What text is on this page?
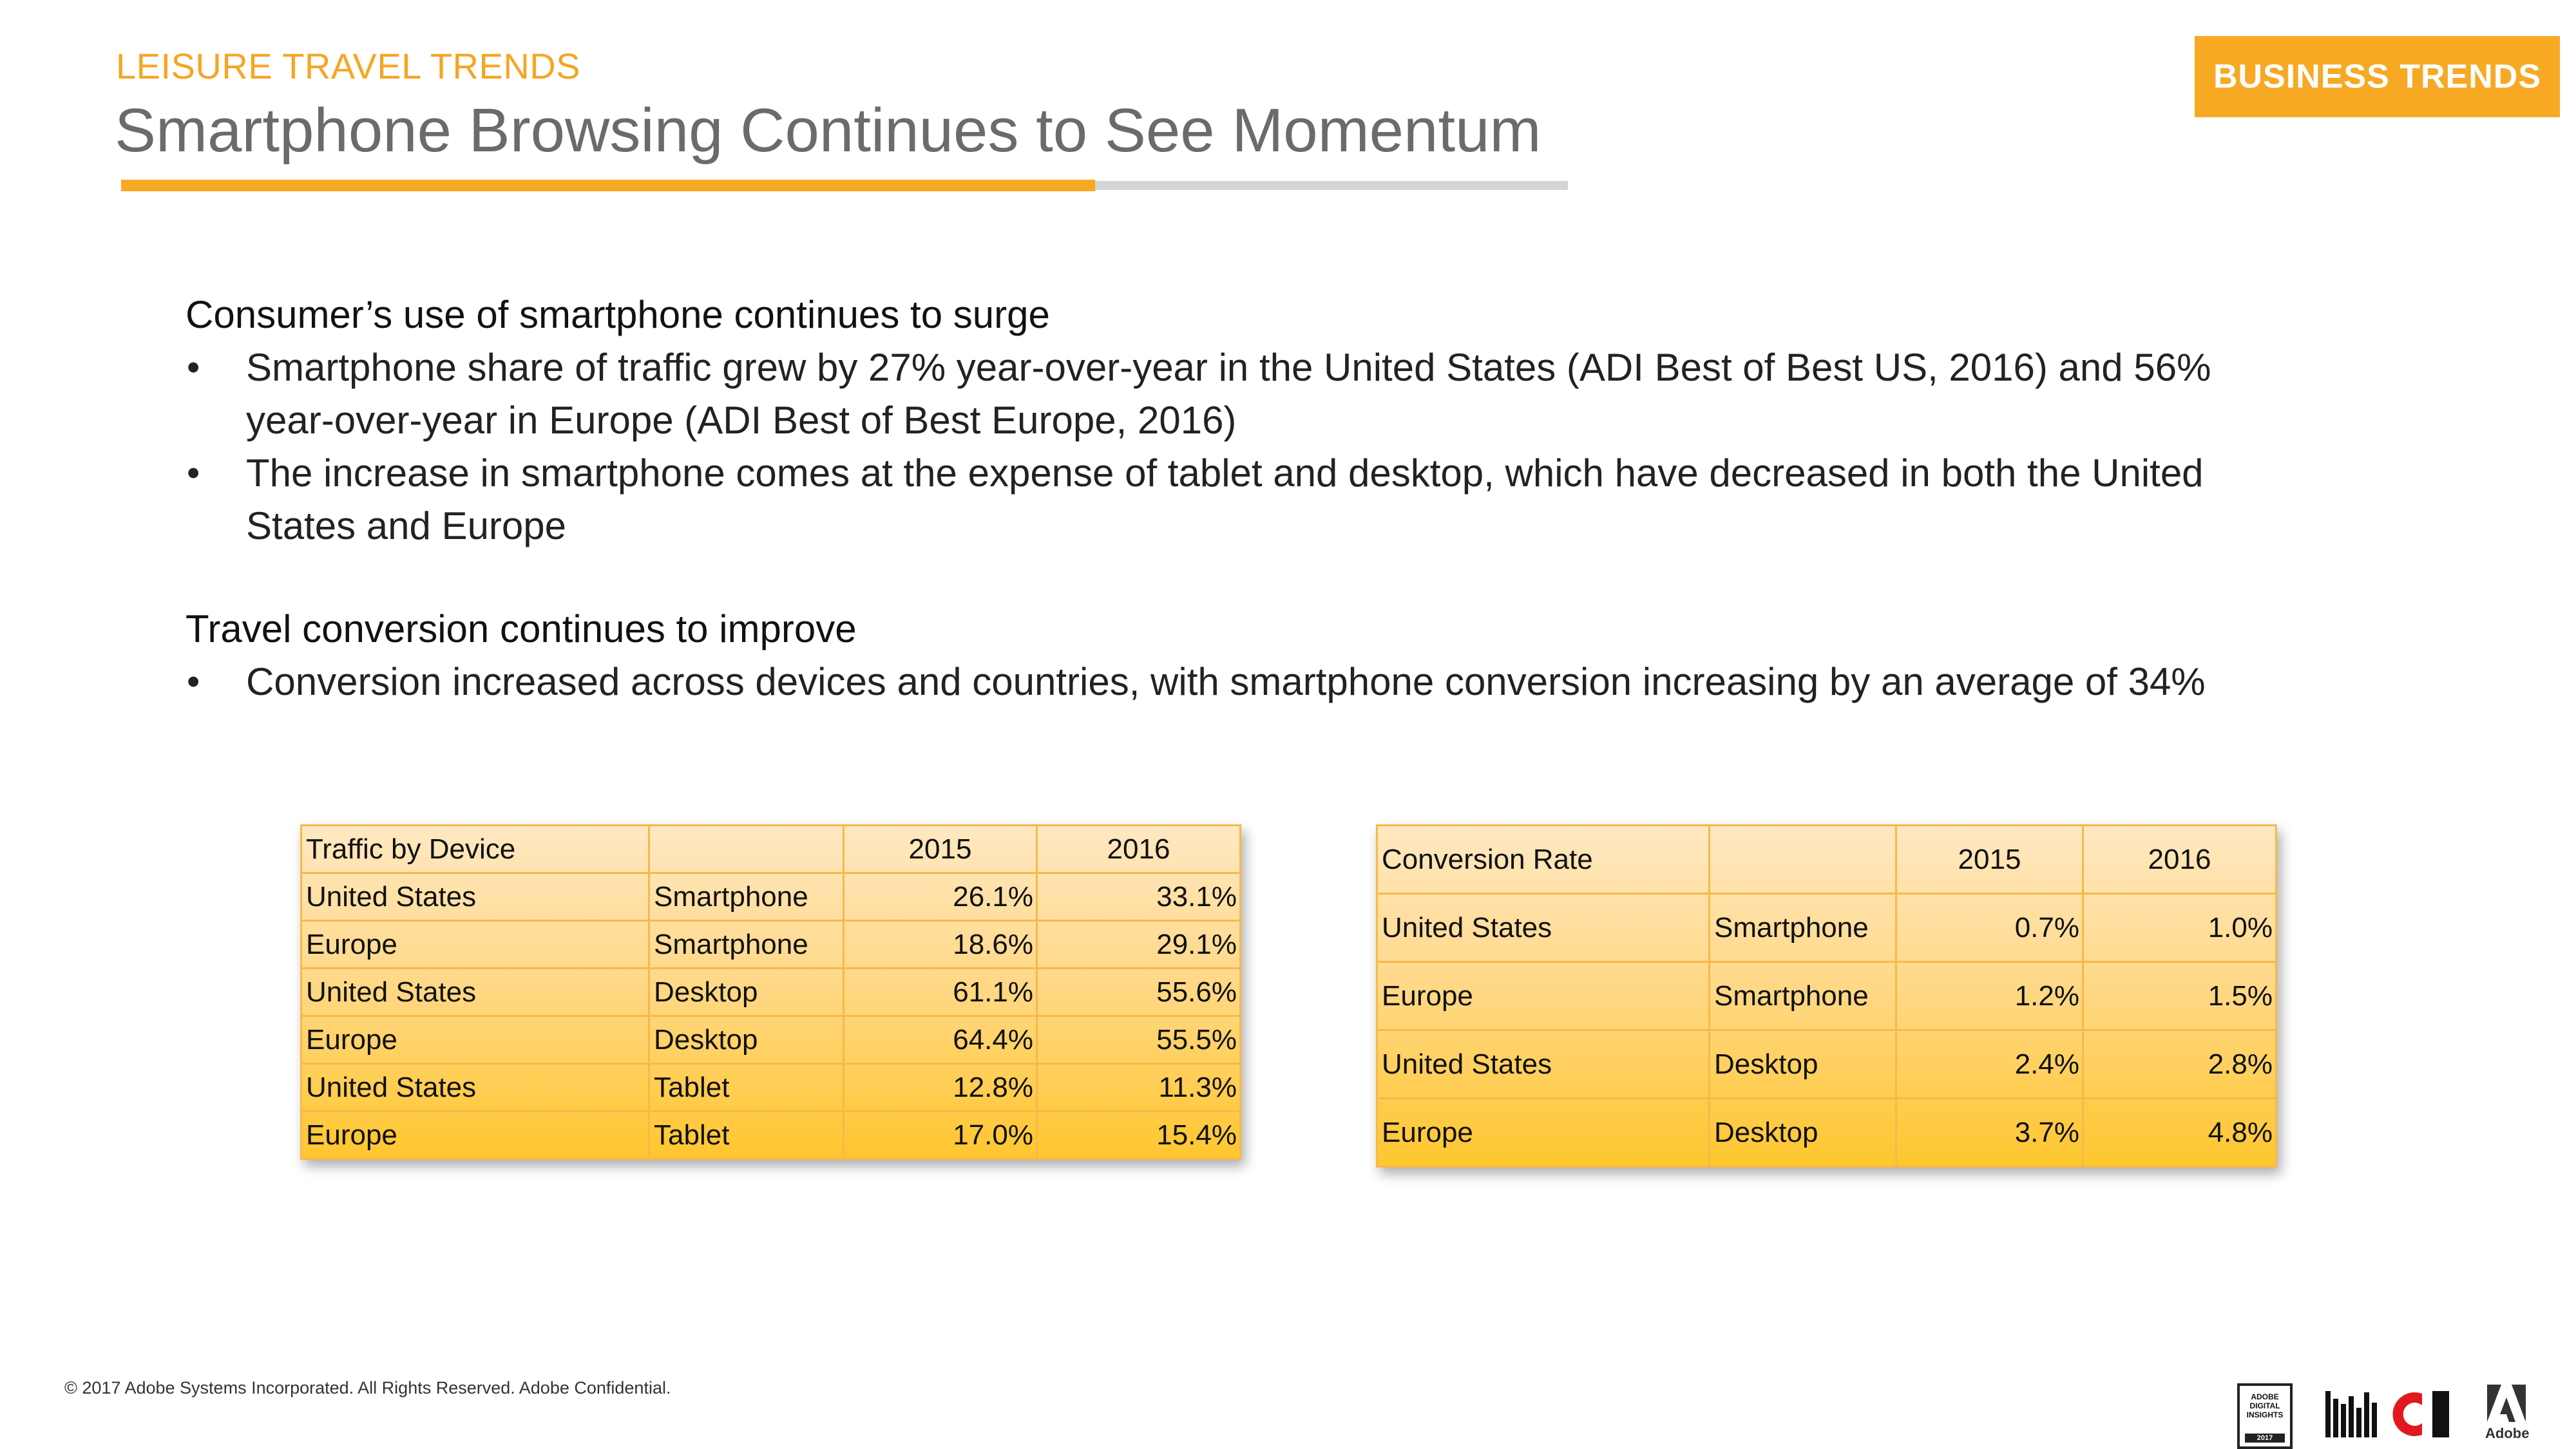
LEISURE TRAVEL TRENDS
Smartphone Browsing Continues to See Momentum
BUSINESS TRENDS
Consumer’s use of smartphone continues to surge
• Smartphone share of traffic grew by 27% year-over-year in the United States (ADI Best of Best US, 2016) and 56% year-over-year in Europe (ADI Best of Best Europe, 2016)
• The increase in smartphone comes at the expense of tablet and desktop, which have decreased in both the United States and Europe
Travel conversion continues to improve
• Conversion increased across devices and countries, with smartphone conversion increasing by an average of 34%
Traffic by Device		2015	2016
United States	Smartphone	26.1%	33.1%
Europe	Smartphone	18.6%	29.1%
United States	Desktop	61.1%	55.6%
Europe	Desktop	64.4%	55.5%
United States	Tablet	12.8%	11.3%
Europe	Tablet	17.0%	15.4%
Conversion Rate		2015	2016
United States	Smartphone	0.7%	1.0%
Europe	Smartphone	1.2%	1.5%
United States	Desktop	2.4%	2.8%
Europe	Desktop	3.7%	4.8%
© 2017 Adobe Systems Incorporated. All Rights Reserved. Adobe Confidential.	ADOBE DIGITAL INSIGHTS
2017	Adobe
